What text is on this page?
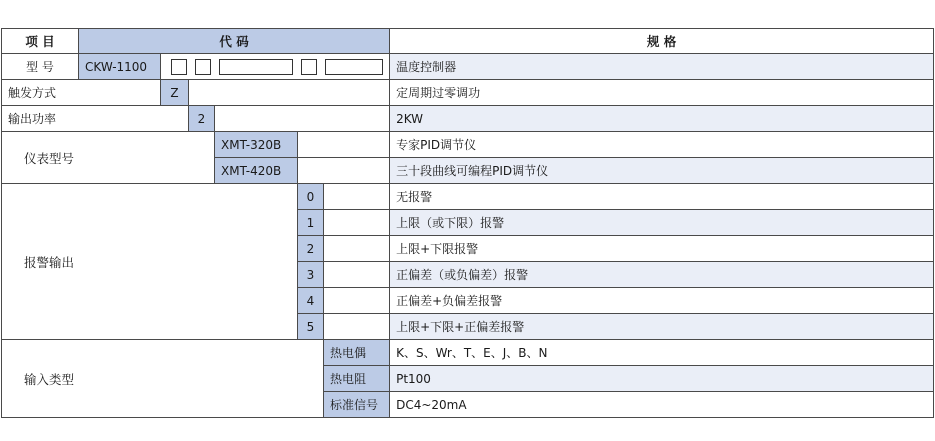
项 目	代 码						规 格
型 号	CKW-1100						温度控制器
触发方式		Z					定周期过零调功
输出功率			2				2KW
仪表型号				XMT-320B			专家PID调节仪
				XMT-420B			三十段曲线可编程PID调节仪
报警输出					0		无报警
					1		上限（或下限）报警
					2		上限+下限报警
					3		正偏差（或负偏差）报警
					4		正偏差+负偏差报警
					5		上限+下限+正偏差报警
输入类型						热电偶	K、S、Wr、T、E、J、B、N
						热电阻	Pt100
						标准信号	DC4~20mA
